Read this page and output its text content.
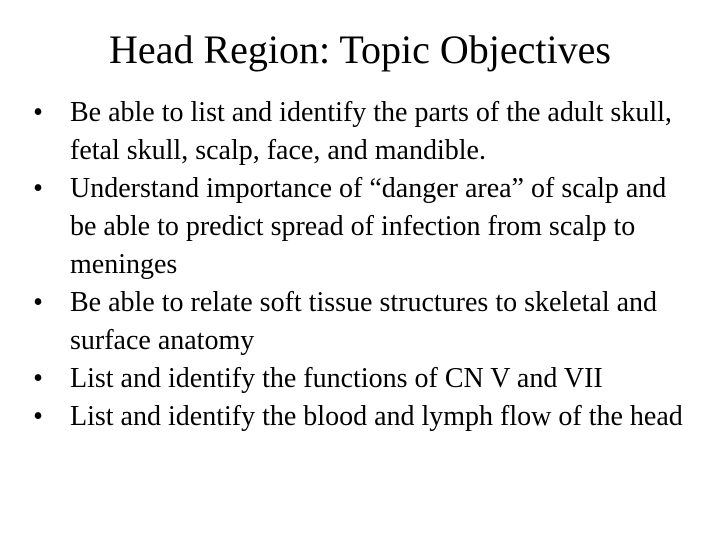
Head Region: Topic Objectives
• Be able to list and identify the parts of the adult skull, fetal skull, scalp, face, and mandible.
• Understand importance of “danger area” of scalp and be able to predict spread of infection from scalp to meninges
• Be able to relate soft tissue structures to skeletal and surface anatomy
• List and identify the functions of CN V and VII
• List and identify the blood and lymph flow of the head
